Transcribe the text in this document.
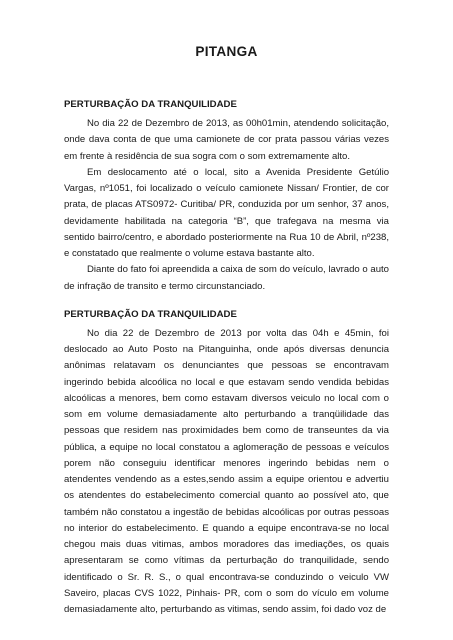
PITANGA
PERTURBAÇÃO DA TRANQUILIDADE

No dia 22 de Dezembro de 2013, as 00h01min, atendendo solicitação, onde dava conta de que uma camionete de cor prata passou várias vezes em frente à residência de sua sogra com o som extremamente alto.

Em deslocamento até o local, sito a Avenida Presidente Getúlio Vargas, nº1051, foi localizado o veículo camionete Nissan/ Frontier, de cor prata, de placas ATS0972- Curitiba/ PR, conduzida por um senhor, 37 anos, devidamente habilitada na categoria “B”, que trafegava na mesma via sentido bairro/centro, e abordado posteriormente na Rua 10 de Abril, nº238, e constatado que realmente o volume estava bastante alto.

Diante do fato foi apreendida a caixa de som do veículo, lavrado o auto de infração de transito e termo circunstanciado.

PERTURBAÇÃO DA TRANQUILIDADE

No dia 22 de Dezembro de 2013 por volta das 04h e 45min, foi deslocado ao Auto Posto na Pitanguinha, onde após diversas denuncia anônimas relatavam os denunciantes que pessoas se encontravam ingerindo bebida alcoólica no local e que estavam sendo vendida bebidas alcoólicas a menores, bem como estavam diversos veiculo no local com o som em volume demasiadamente alto perturbando a tranqüilidade das pessoas que residem nas proximidades bem como de transeuntes da via pública, a equipe no local constatou a aglomeração de pessoas e veículos porem não conseguiu identificar menores ingerindo bebidas nem o atendentes vendendo as a estes,sendo assim a equipe orientou e advertiu os atendentes do estabelecimento comercial quanto ao possível ato, que também não constatou a ingestão de bebidas alcoólicas por outras pessoas no interior do estabelecimento. E quando a equipe encontrava-se no local chegou mais duas vitimas, ambos moradores das imediações, os quais apresentaram se como vítimas da perturbação do tranquilidade, sendo identificado o Sr. R. S., o qual encontrava-se conduzindo o veiculo VW Saveiro, placas CVS 1022, Pinhais- PR, com o som do vículo em volume demasiadamente alto, perturbando as vitimas, sendo assim, foi dado voz de
